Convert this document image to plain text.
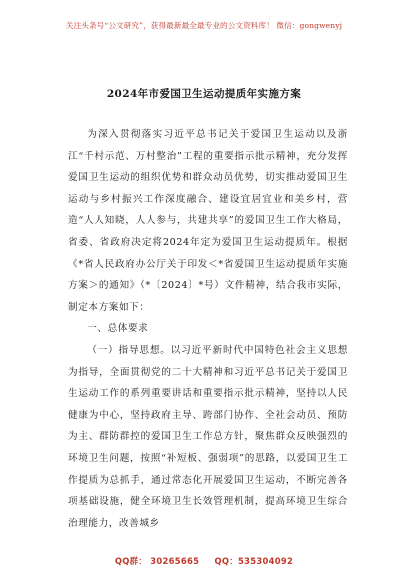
关注头条号“公文研究”，获得最新最全最专业的公文资料库！ 微信：gongwenyj
2024年市爱国卫生运动提质年实施方案

为深入贯彻落实习近平总书记关于爱国卫生运动以及浙江“千村示范、万村整治”工程的重要指示批示精神，充分发挥爱国卫生运动的组织优势和群众动员优势，切实推动爱国卫生运动与乡村振兴工作深度融合、建设宜居宜业和美乡村，营造“人人知晓，人人参与，共建共享”的爱国卫生工作大格局，省委、省政府决定将2024年定为爱国卫生运动提质年。根据《*省人民政府办公厅关于印发＜*省爱国卫生运动提质年实施方案＞的通知》（*〔2024〕*号）文件精神，结合我市实际，制定本方案如下：

一、总体要求

（一）指导思想。以习近平新时代中国特色社会主义思想为指导，全面贯彻党的二十大精神和习近平总书记关于爱国卫生运动工作的系列重要讲话和重要指示批示精神，坚持以人民健康为中心，坚持政府主导、跨部门协作、全社会动员、预防为主、群防群控的爱国卫生工作总方针，聚焦群众反映强烈的环境卫生问题，按照“补短板、强弱项”的思路，以爱国卫生工作提质为总抓手，通过常态化开展爱国卫生运动，不断完善各项基础设施，健全环境卫生长效管理机制，提高环境卫生综合治理能力，改善城乡

QQ群： 30265665 QQ：535304092
